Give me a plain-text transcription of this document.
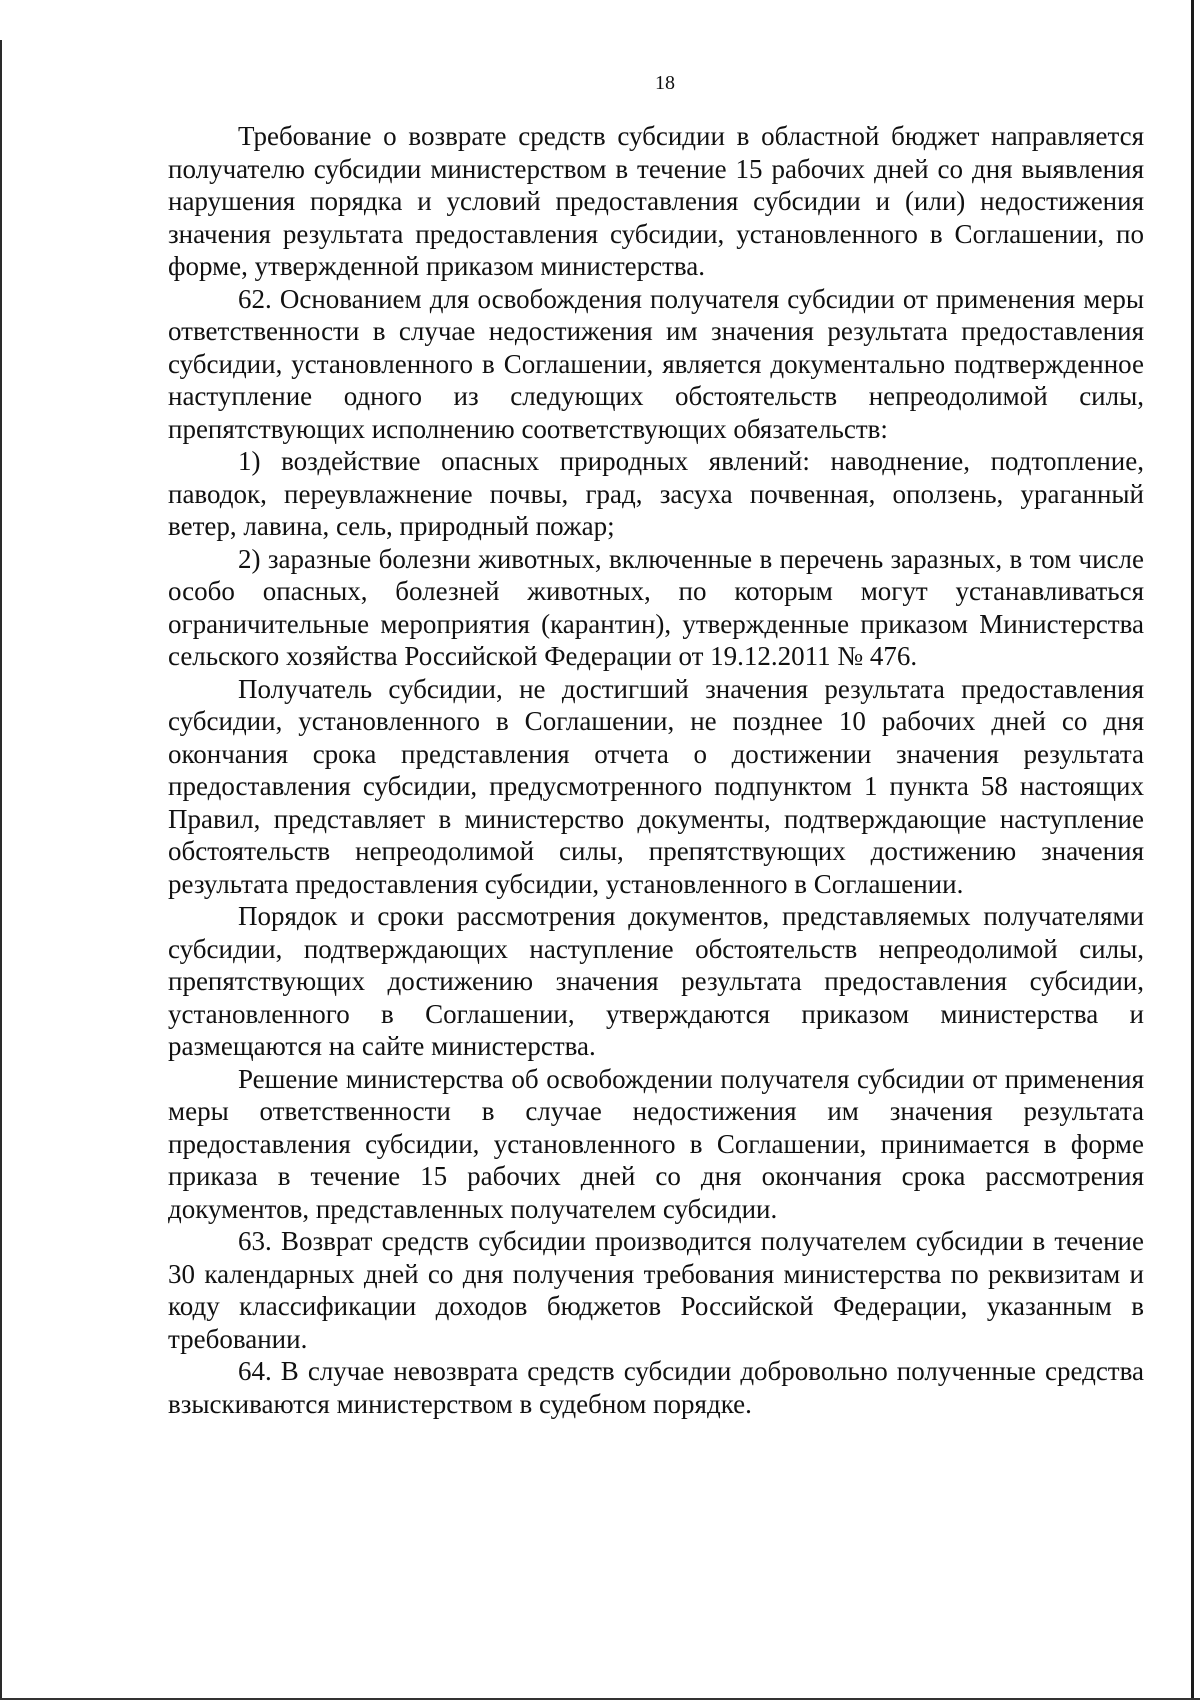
18

Требование о возврате средств субсидии в областной бюджет направляется получателю субсидии министерством в течение 15 рабочих дней со дня выявления нарушения порядка и условий предоставления субсидии и (или) недостижения значения результата предоставления субсидии, установленного в Соглашении, по форме, утвержденной приказом министерства.

62. Основанием для освобождения получателя субсидии от применения меры ответственности в случае недостижения им значения результата предоставления субсидии, установленного в Соглашении, является документально подтвержденное наступление одного из следующих обстоятельств непреодолимой силы, препятствующих исполнению соответствующих обязательств:

1) воздействие опасных природных явлений: наводнение, подтопление, паводок, переувлажнение почвы, град, засуха почвенная, оползень, ураганный ветер, лавина, сель, природный пожар;

2) заразные болезни животных, включенные в перечень заразных, в том числе особо опасных, болезней животных, по которым могут устанавливаться ограничительные мероприятия (карантин), утвержденные приказом Министерства сельского хозяйства Российской Федерации от 19.12.2011 № 476.

Получатель субсидии, не достигший значения результата предоставления субсидии, установленного в Соглашении, не позднее 10 рабочих дней со дня окончания срока представления отчета о достижении значения результата предоставления субсидии, предусмотренного подпунктом 1 пункта 58 настоящих Правил, представляет в министерство документы, подтверждающие наступление обстоятельств непреодолимой силы, препятствующих достижению значения результата предоставления субсидии, установленного в Соглашении.

Порядок и сроки рассмотрения документов, представляемых получателями субсидии, подтверждающих наступление обстоятельств непреодолимой силы, препятствующих достижению значения результата предоставления субсидии, установленного в Соглашении, утверждаются приказом министерства и размещаются на сайте министерства.

Решение министерства об освобождении получателя субсидии от применения меры ответственности в случае недостижения им значения результата предоставления субсидии, установленного в Соглашении, принимается в форме приказа в течение 15 рабочих дней со дня окончания срока рассмотрения документов, представленных получателем субсидии.

63. Возврат средств субсидии производится получателем субсидии в течение 30 календарных дней со дня получения требования министерства по реквизитам и коду классификации доходов бюджетов Российской Федерации, указанным в требовании.

64. В случае невозврата средств субсидии добровольно полученные средства взыскиваются министерством в судебном порядке.
